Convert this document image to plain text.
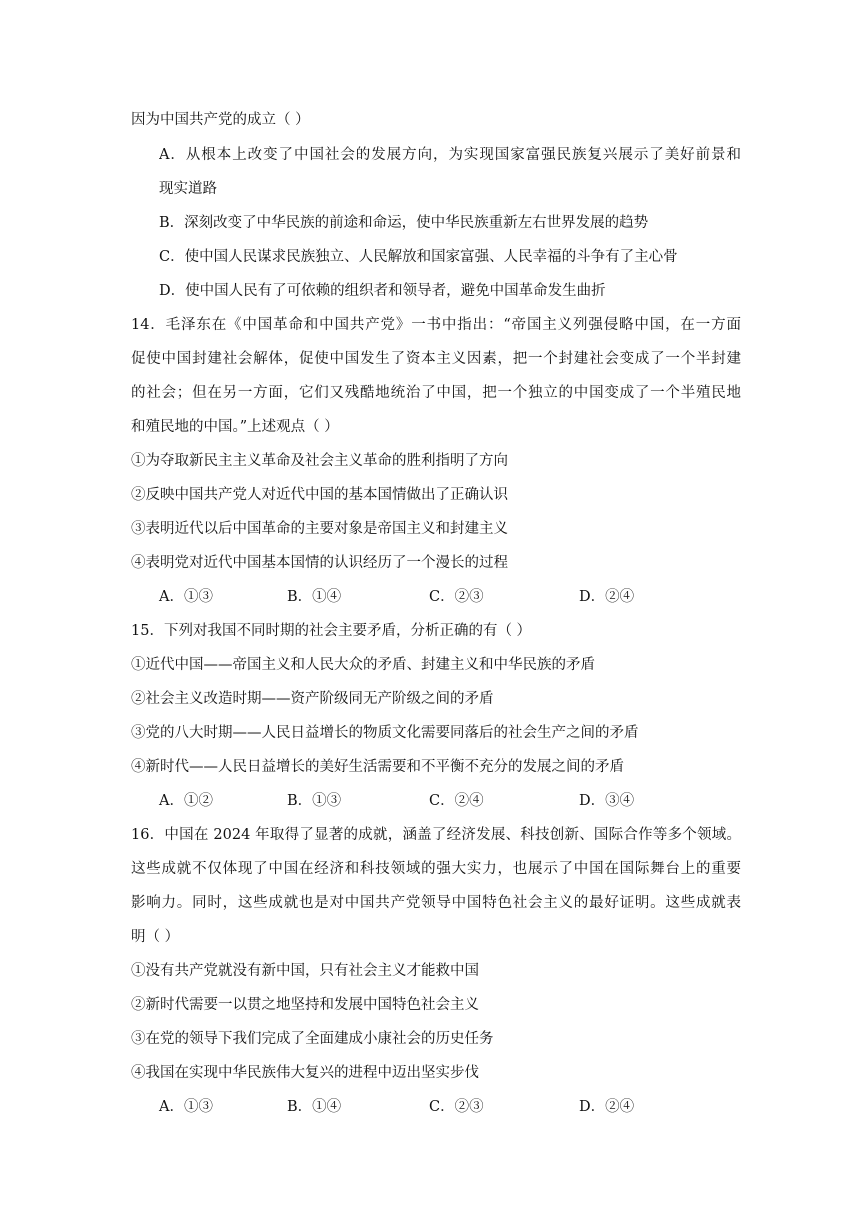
因为中国共产党的成立（ ）
A．从根本上改变了中国社会的发展方向，为实现国家富强民族复兴展示了美好前景和
现实道路
B．深刻改变了中华民族的前途和命运，使中华民族重新左右世界发展的趋势
C．使中国人民谋求民族独立、人民解放和国家富强、人民幸福的斗争有了主心骨
D．使中国人民有了可依赖的组织者和领导者，避免中国革命发生曲折
14．毛泽东在《中国革命和中国共产党》一书中指出：“帝国主义列强侵略中国，在一方面
促使中国封建社会解体，促使中国发生了资本主义因素，把一个封建社会变成了一个半封建
的社会；但在另一方面，它们又残酷地统治了中国，把一个独立的中国变成了一个半殖民地
和殖民地的中国。”上述观点（ ）
①为夺取新民主主义革命及社会主义革命的胜利指明了方向
②反映中国共产党人对近代中国的基本国情做出了正确认识
③表明近代以后中国革命的主要对象是帝国主义和封建主义
④表明党对近代中国基本国情的认识经历了一个漫长的过程
A．①③	B．①④	C．②③	D．②④
15．下列对我国不同时期的社会主要矛盾，分析正确的有（ ）
①近代中国——帝国主义和人民大众的矛盾、封建主义和中华民族的矛盾
②社会主义改造时期——资产阶级同无产阶级之间的矛盾
③党的八大时期——人民日益增长的物质文化需要同落后的社会生产之间的矛盾
④新时代——人民日益增长的美好生活需要和不平衡不充分的发展之间的矛盾
A．①②	B．①③	C．②④	D．③④
16．中国在 2024 年取得了显著的成就，涵盖了经济发展、科技创新、国际合作等多个领域。
这些成就不仅体现了中国在经济和科技领域的强大实力，也展示了中国在国际舞台上的重要
影响力。同时，这些成就也是对中国共产党领导中国特色社会主义的最好证明。这些成就表
明（ ）
①没有共产党就没有新中国，只有社会主义才能救中国
②新时代需要一以贯之地坚持和发展中国特色社会主义
③在党的领导下我们完成了全面建成小康社会的历史任务
④我国在实现中华民族伟大复兴的进程中迈出坚实步伐
A．①③	B．①④	C．②③	D．②④
